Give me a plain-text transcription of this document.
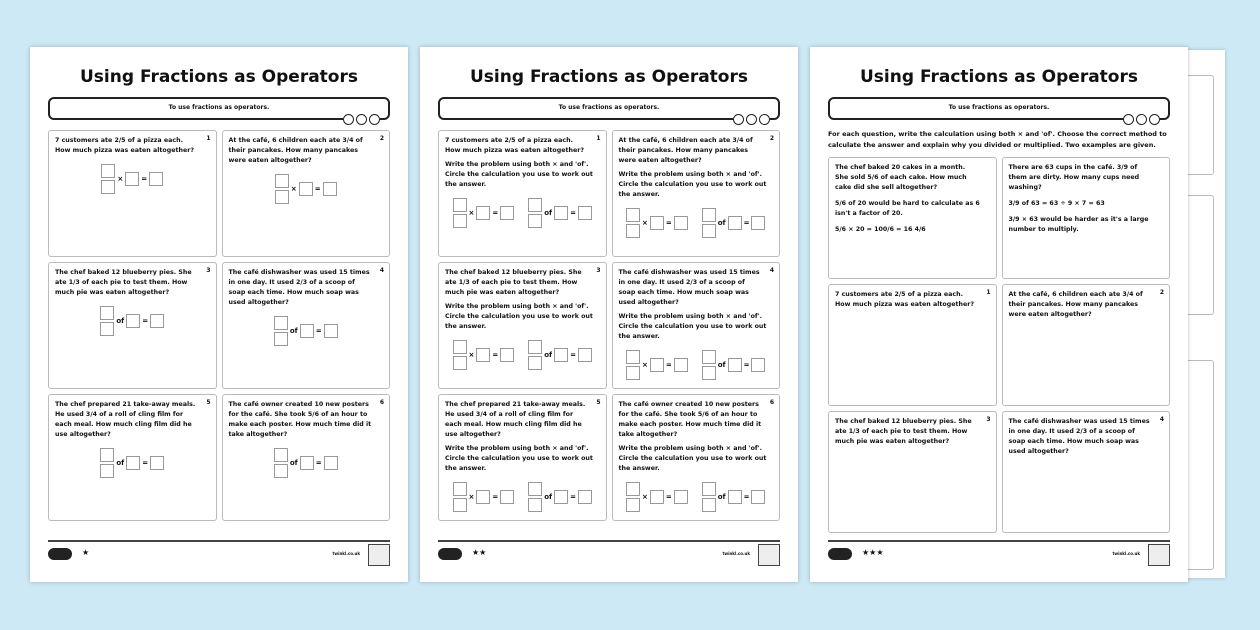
Using Fractions as Operators
To use fractions as operators.
1
7 customers ate 2/5 of a pizza each. How much pizza was eaten altogether?
×	=
2
At the café, 6 children each ate 3/4 of their pancakes. How many pancakes were eaten altogether?
×	=
3
The chef baked 12 blueberry pies. She ate 1/3 of each pie to test them. How much pie was eaten altogether?
of	=
4
The café dishwasher was used 15 times in one day. It used 2/3 of a scoop of soap each time. How much soap was used altogether?
of	=
5
The chef prepared 21 take-away meals. He used 3/4 of a roll of cling film for each meal. How much cling film did he use altogether?
of	=
6
The café owner created 10 new posters for the café. She took 5/6 of an hour to make each poster. How much time did it take altogether?
of	=
★	twinkl.co.uk
Using Fractions as Operators
To use fractions as operators.
1
7 customers ate 2/5 of a pizza each. How much pizza was eaten altogether?
Write the problem using both × and 'of'. Circle the calculation you use to work out the answer.
×	=	of	=
2
At the café, 6 children each ate 3/4 of their pancakes. How many pancakes were eaten altogether?
Write the problem using both × and 'of'. Circle the calculation you use to work out the answer.
×	=	of	=
3
The chef baked 12 blueberry pies. She ate 1/3 of each pie to test them. How much pie was eaten altogether?
Write the problem using both × and 'of'. Circle the calculation you use to work out the answer.
×	=	of	=
4
The café dishwasher was used 15 times in one day. It used 2/3 of a scoop of soap each time. How much soap was used altogether?
Write the problem using both × and 'of'. Circle the calculation you use to work out the answer.
×	=	of	=
5
The chef prepared 21 take-away meals. He used 3/4 of a roll of cling film for each meal. How much cling film did he use altogether?
Write the problem using both × and 'of'. Circle the calculation you use to work out the answer.
×	=	of	=
6
The café owner created 10 new posters for the café. She took 5/6 of an hour to make each poster. How much time did it take altogether?
Write the problem using both × and 'of'. Circle the calculation you use to work out the answer.
×	=	of	=
★★	twinkl.co.uk
Using Fractions as Operators
To use fractions as operators.
For each question, write the calculation using both × and 'of'. Choose the correct method to calculate the answer and explain why you divided or multiplied. Two examples are given.
The chef baked 20 cakes in a month. She sold 5/6 of each cake. How much cake did she sell altogether?
5/6 of 20 would be hard to calculate as 6 isn't a factor of 20.
5/6 × 20 = 100/6 = 16 4/6
There are 63 cups in the café. 3/9 of them are dirty. How many cups need washing?
3/9 of 63 = 63 ÷ 9 × 7 = 63
3/9 × 63 would be harder as it's a large number to multiply.
1
7 customers ate 2/5 of a pizza each. How much pizza was eaten altogether?
2
At the café, 6 children each ate 3/4 of their pancakes. How many pancakes were eaten altogether?
3
The chef baked 12 blueberry pies. She ate 1/3 of each pie to test them. How much pie was eaten altogether?
4
The café dishwasher was used 15 times in one day. It used 2/3 of a scoop of soap each time. How much soap was used altogether?
★★★	twinkl.co.uk
